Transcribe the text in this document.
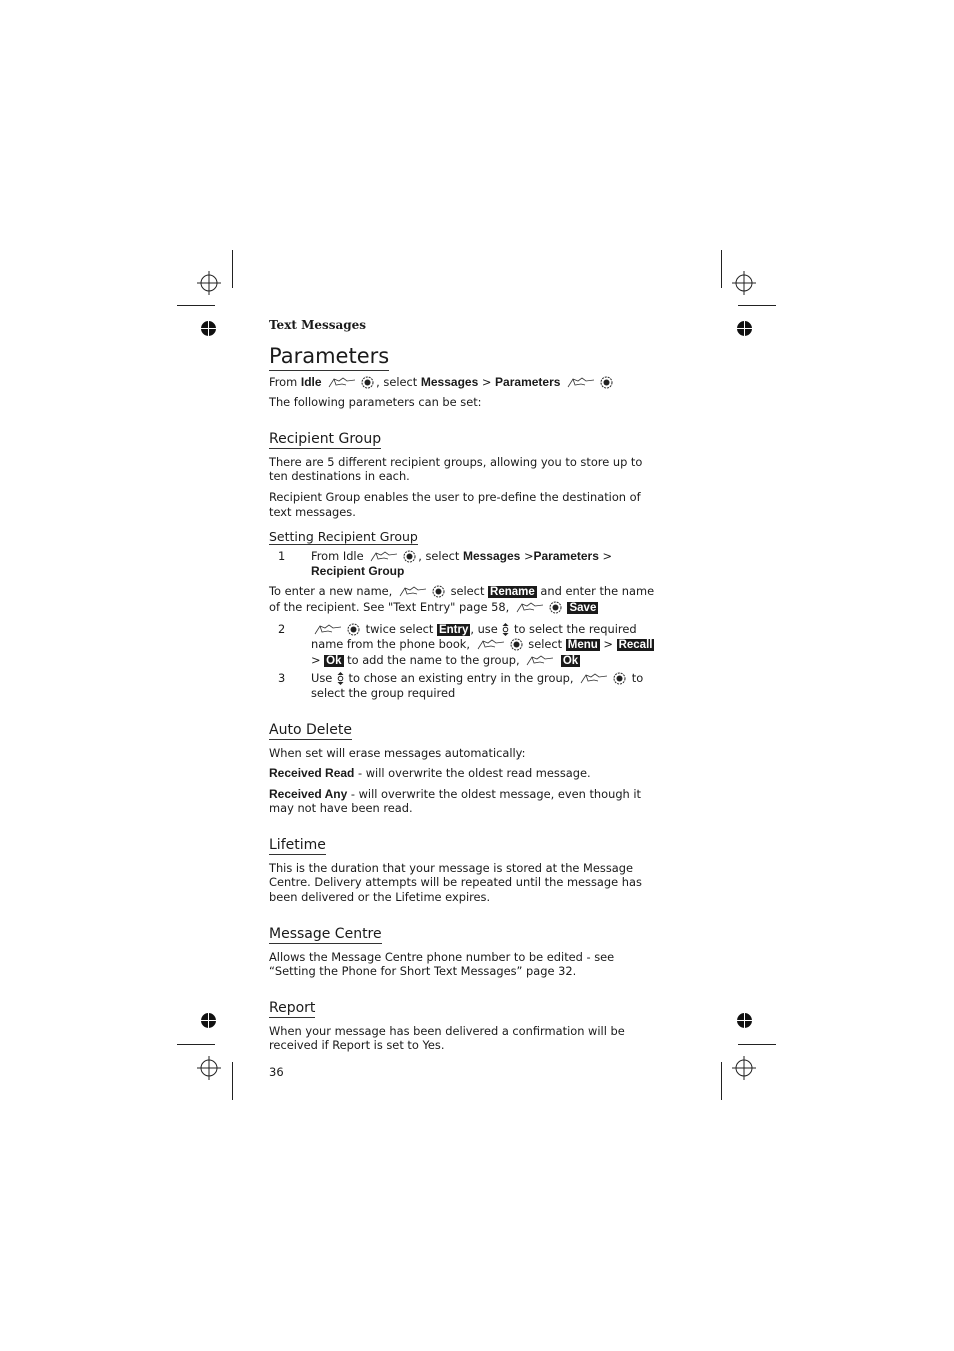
Text Messages
Parameters

From Idle	, select Messages > Parameters

The following parameters can be set:

Recipient Group

There are 5 different recipient groups, allowing you to store up to ten destinations in each.

Recipient Group enables the user to pre-define the destination of text messages.

Setting Recipient Group
1	From Idle	, select Messages >Parameters >
Recipient Group

To enter a new name,	select Rename and enter the name of the recipient. See "Text Entry" page 58,	Save

2	twice select Entry , use to select the required name from the phone book,	select Menu > Recall > Ok to add the name to the group,	Ok
3	Use to chose an existing entry in the group,	to select the group required
Auto Delete

When set will erase messages automatically:

Received Read - will overwrite the oldest read message.

Received Any - will overwrite the oldest message, even though it may not have been read.

Lifetime

This is the duration that your message is stored at the Message Centre. Delivery attempts will be repeated until the message has been delivered or the Lifetime expires.

Message Centre

Allows the Message Centre phone number to be edited - see “Setting the Phone for Short Text Messages” page 32.

Report

When your message has been delivered a confirmation will be received if Report is set to Yes.

36
